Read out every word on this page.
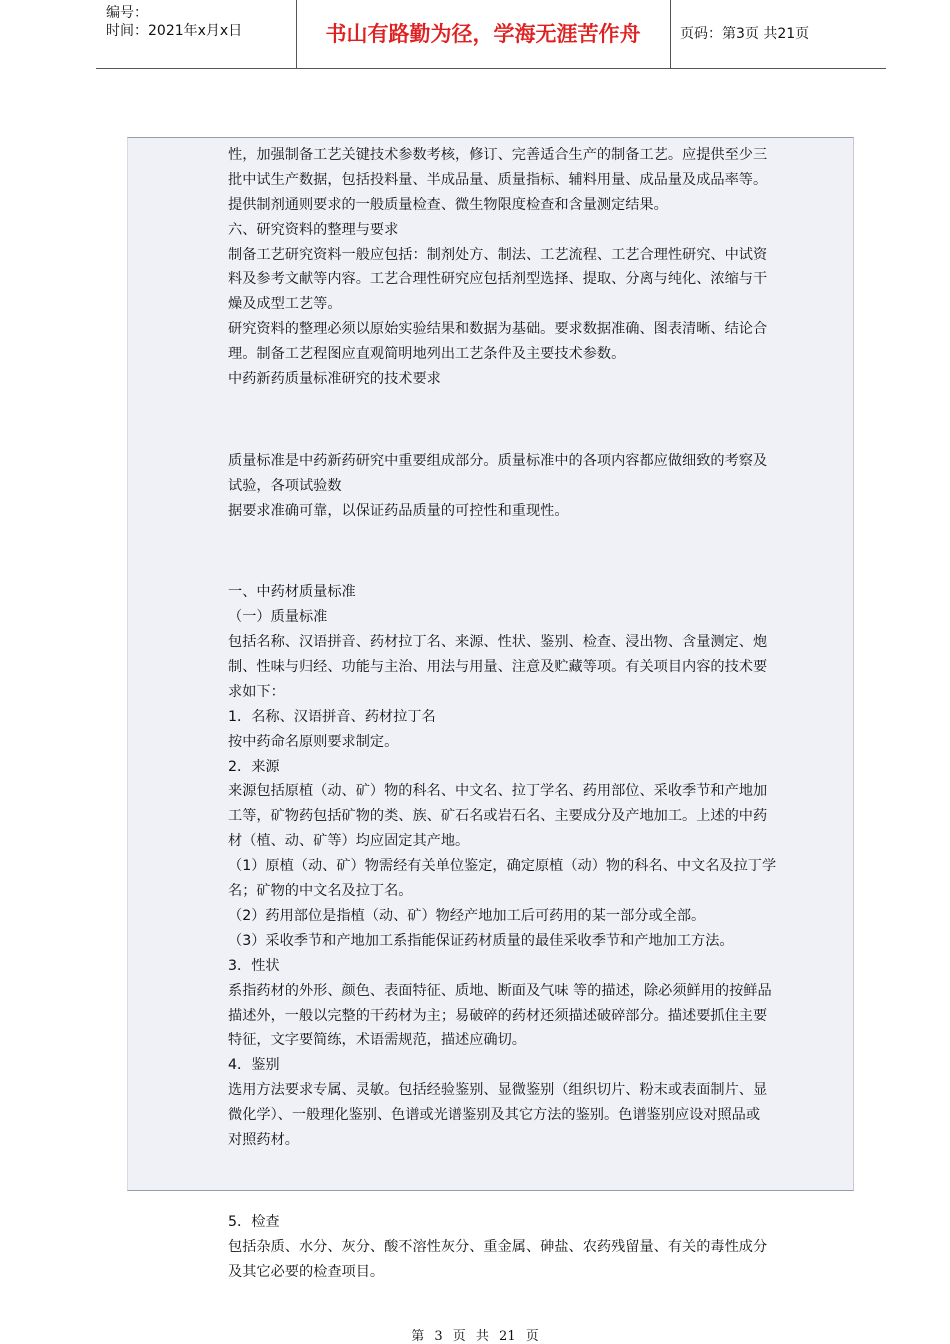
编号：
时间：2021年x月x日	书山有路勤为径，学海无涯苦作舟	页码：第3页 共21页

性，加强制备工艺关键技术参数考核，修订、完善适合生产的制备工艺。应提供至少三

批中试生产数据，包括投料量、半成品量、质量指标、辅料用量、成品量及成品率等。

提供制剂通则要求的一般质量检查、微生物限度检查和含量测定结果。

六、研究资料的整理与要求

制备工艺研究资料一般应包括：制剂处方、制法、工艺流程、工艺合理性研究、中试资

料及参考文献等内容。工艺合理性研究应包括剂型选择、提取、分离与纯化、浓缩与干

燥及成型工艺等。

研究资料的整理必须以原始实验结果和数据为基础。要求数据准确、图表清晰、结论合

理。制备工艺程图应直观简明地列出工艺条件及主要技术参数。

中药新药质量标准研究的技术要求

质量标准是中药新药研究中重要组成部分。质量标准中的各项内容都应做细致的考察及

试验，各项试验数

据要求准确可靠，以保证药品质量的可控性和重现性。

一、中药材质量标准

（一）质量标准

包括名称、汉语拼音、药材拉丁名、来源、性状、鉴别、检查、浸出物、含量测定、炮

制、性味与归经、功能与主治、用法与用量、注意及贮藏等项。有关项目内容的技术要

求如下：

1．名称、汉语拼音、药材拉丁名

按中药命名原则要求制定。

2．来源

来源包括原植（动、矿）物的科名、中文名、拉丁学名、药用部位、采收季节和产地加

工等，矿物药包括矿物的类、族、矿石名或岩石名、主要成分及产地加工。上述的中药

材（植、动、矿等）均应固定其产地。

（1）原植（动、矿）物需经有关单位鉴定，确定原植（动）物的科名、中文名及拉丁学

名；矿物的中文名及拉丁名。

（2）药用部位是指植（动、矿）物经产地加工后可药用的某一部分或全部。

（3）采收季节和产地加工系指能保证药材质量的最佳采收季节和产地加工方法。

3．性状

系指药材的外形、颜色、表面特征、质地、断面及气味 等的描述，除必须鲜用的按鲜品

描述外，一般以完整的干药材为主；易破碎的药材还须描述破碎部分。描述要抓住主要

特征，文字要简练，术语需规范，描述应确切。

4．鉴别

选用方法要求专属、灵敏。包括经验鉴别、显微鉴别（组织切片、粉末或表面制片、显

微化学）、一般理化鉴别、色谱或光谱鉴别及其它方法的鉴别。色谱鉴别应设对照品或

对照药材。

5．检查

包括杂质、水分、灰分、酸不溶性灰分、重金属、砷盐、农药残留量、有关的毒性成分

及其它必要的检查项目。

第 3 页 共 21 页
